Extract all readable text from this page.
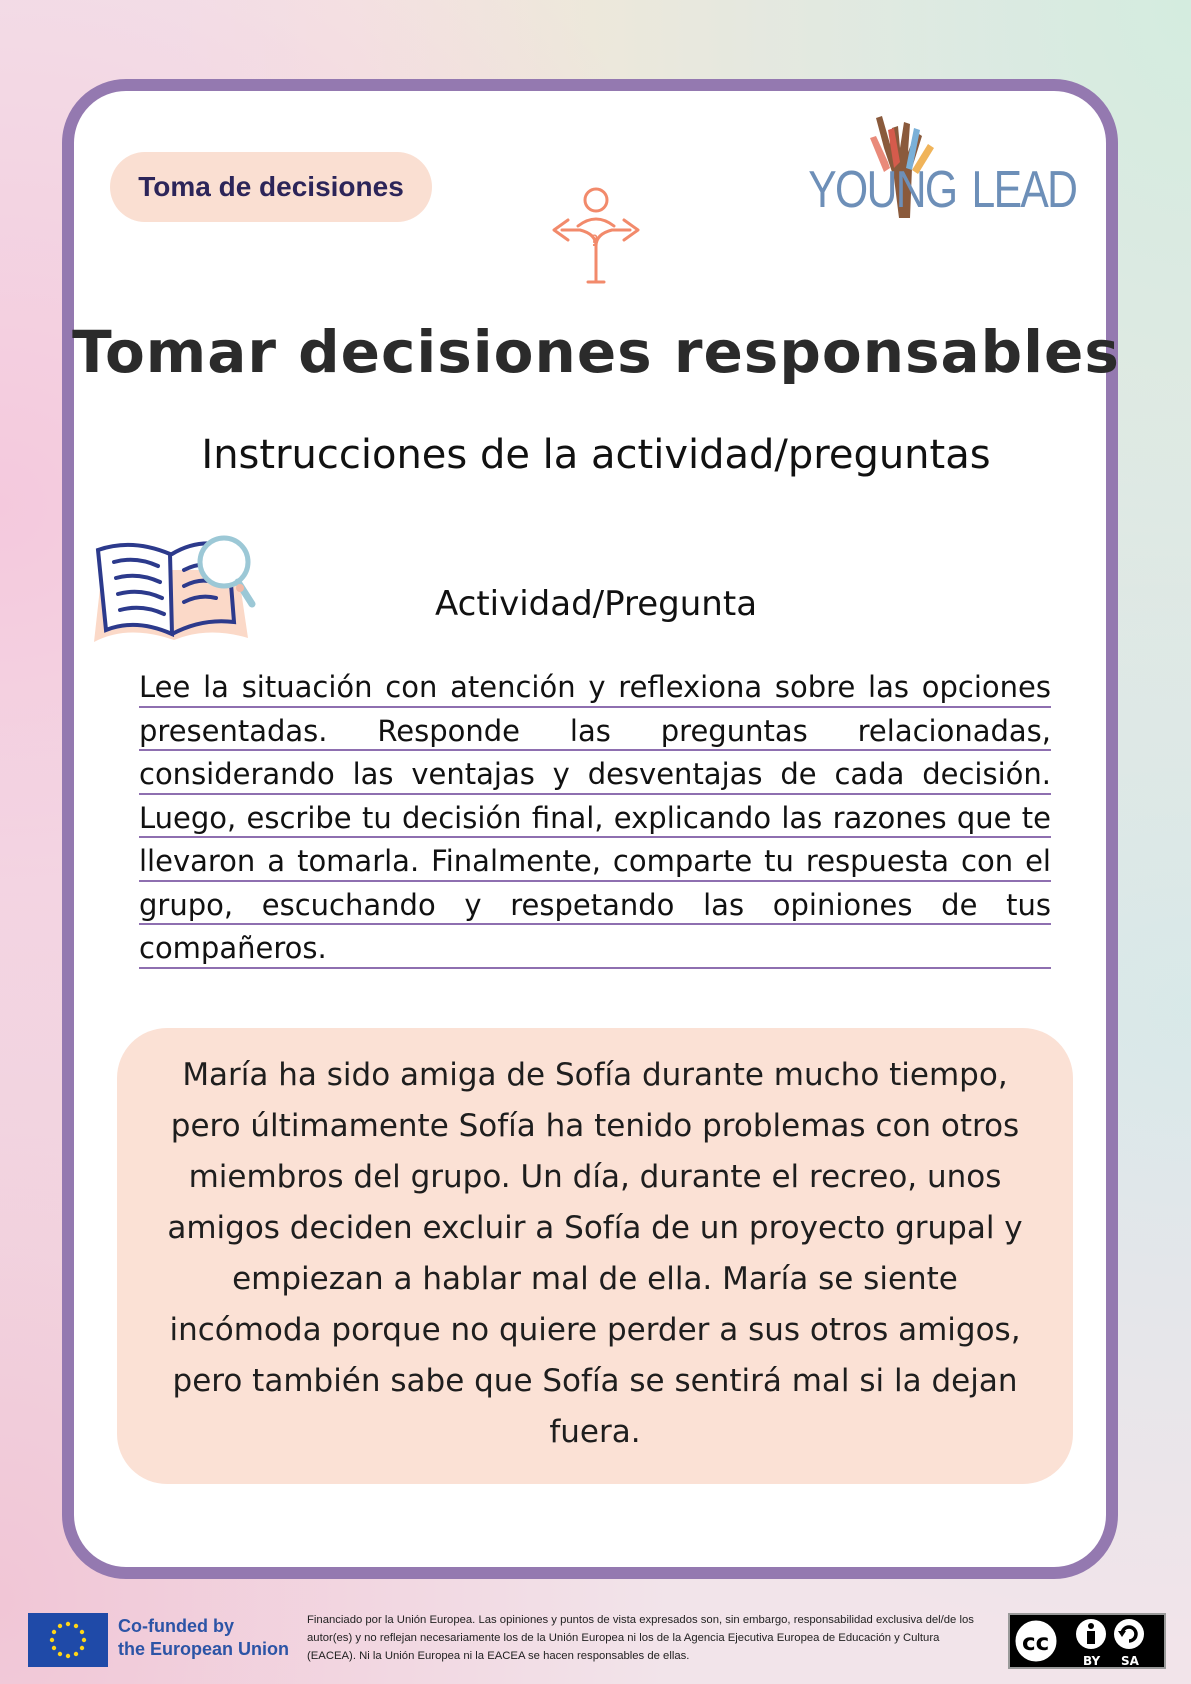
Toma de decisiones	YOUNG LEAD
?
Tomar decisiones responsables
Instrucciones de la actividad/preguntas
Actividad/Pregunta

Lee la situación con atención y reflexiona sobre las opciones presentadas. Responde las preguntas relacionadas, considerando las ventajas y desventajas de cada decisión. Luego, escribe tu decisión final, explicando las razones que te llevaron a tomarla. Finalmente, comparte tu respuesta con el grupo, escuchando y respetando las opiniones de tus compañeros.

María ha sido amiga de Sofía durante mucho tiempo, pero últimamente Sofía ha tenido problemas con otros miembros del grupo. Un día, durante el recreo, unos amigos deciden excluir a Sofía de un proyecto grupal y empiezan a hablar mal de ella. María se siente incómoda porque no quiere perder a sus otros amigos, pero también sabe que Sofía se sentirá mal si la dejan fuera.

Co-funded by
the European Union
Financiado por la Unión Europea. Las opiniones y puntos de vista expresados son, sin embargo, responsabilidad exclusiva del/de los autor(es) y no reflejan necesariamente los de la Unión Europea ni los de la Agencia Ejecutiva Europea de Educación y Cultura (EACEA). Ni la Unión Europea ni la EACEA se hacen responsables de ellas.	cc
BY SA
